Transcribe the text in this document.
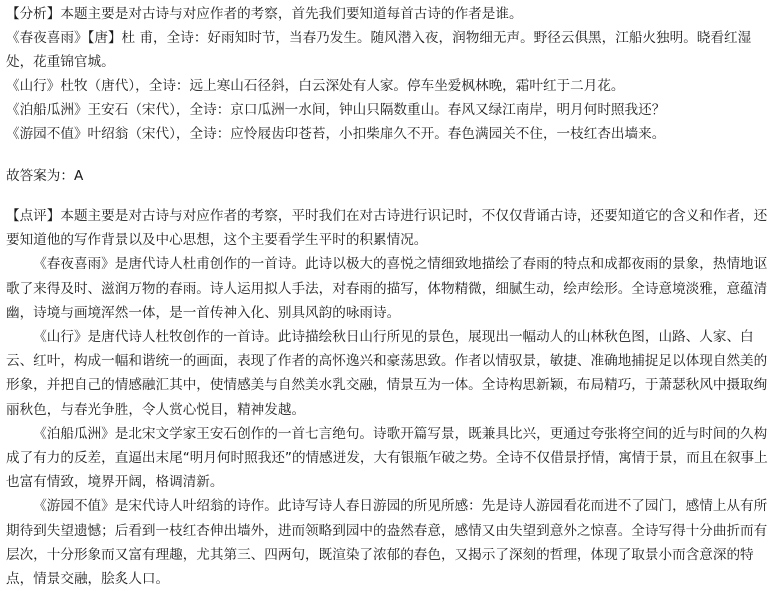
【分析】本题主要是对古诗与对应作者的考察，首先我们要知道每首古诗的作者是谁。
《春夜喜雨》【唐】杜 甫，全诗：好雨知时节，当春乃发生。随风潜入夜，润物细无声。野径云俱黑，江船火独明。晓看红湿
处，花重锦官城。
《山行》杜牧（唐代），全诗：远上寒山石径斜，白云深处有人家。停车坐爱枫林晚，霜叶红于二月花。
《泊船瓜洲》王安石（宋代），全诗：京口瓜洲一水间，钟山只隔数重山。春风又绿江南岸，明月何时照我还？
《游园不值》叶绍翁（宋代），全诗：应怜屐齿印苍苔，小扣柴扉久不开。春色满园关不住，一枝红杏出墙来。
故答案为：A
【点评】本题主要是对古诗与对应作者的考察，平时我们在对古诗进行识记时，不仅仅背诵古诗，还要知道它的含义和作者，还要知道他的写作背景以及中心思想，这个主要看学生平时的积累情况。
《春夜喜雨》是唐代诗人杜甫创作的一首诗。此诗以极大的喜悦之情细致地描绘了春雨的特点和成都夜雨的景象，热情地讴歌了来得及时、滋润万物的春雨。诗人运用拟人手法，对春雨的描写，体物精微，细腻生动，绘声绘形。全诗意境淡雅，意蕴清幽，诗境与画境浑然一体，是一首传神入化、别具风韵的咏雨诗。
《山行》是唐代诗人杜牧创作的一首诗。此诗描绘秋日山行所见的景色，展现出一幅动人的山林秋色图，山路、人家、白云、红叶，构成一幅和谐统一的画面，表现了作者的高怀逸兴和豪荡思致。作者以情驭景，敏捷、准确地捕捉足以体现自然美的形象，并把自己的情感融汇其中，使情感美与自然美水乳交融，情景互为一体。全诗构思新颖，布局精巧，于萧瑟秋风中摄取绚丽秋色，与春光争胜，令人赏心悦目，精神发越。
《泊船瓜洲》是北宋文学家王安石创作的一首七言绝句。诗歌开篇写景，既兼具比兴，更通过夸张将空间的近与时间的久构成了有力的反差，直逼出末尾“明月何时照我还”的情感迸发，大有银瓶乍破之势。全诗不仅借景抒情，寓情于景，而且在叙事上也富有情致，境界开阔，格调清新。
《游园不值》是宋代诗人叶绍翁的诗作。此诗写诗人春日游园的所见所感：先是诗人游园看花而进不了园门，感情上从有所期待到失望遗憾；后看到一枝红杏伸出墙外，进而领略到园中的盎然春意，感情又由失望到意外之惊喜。全诗写得十分曲折而有层次，十分形象而又富有理趣，尤其第三、四两句，既渲染了浓郁的春色，又揭示了深刻的哲理，体现了取景小而含意深的特点，情景交融，脍炙人口。
